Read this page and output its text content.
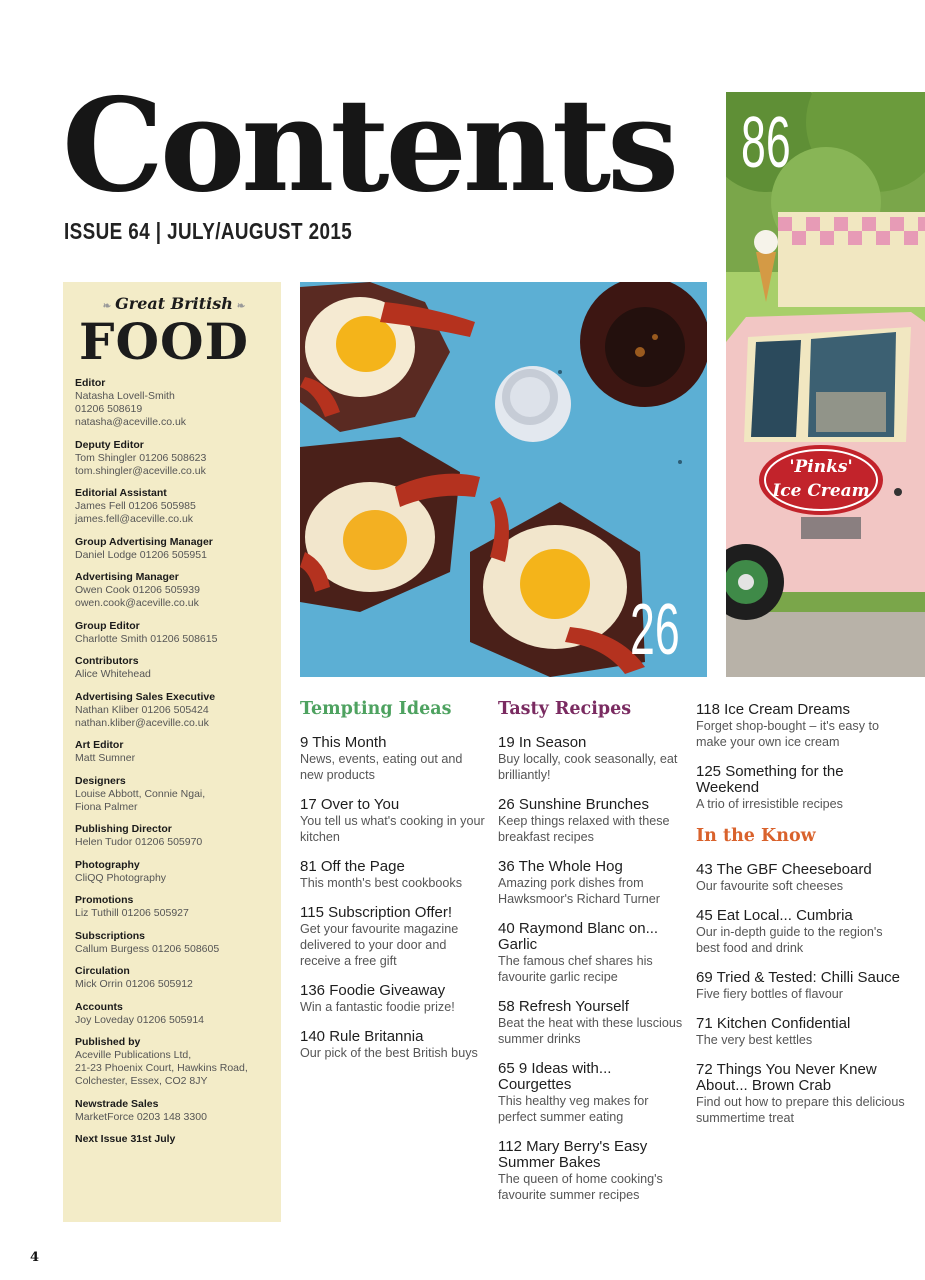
Contents
ISSUE 64 | JULY/AUGUST 2015
❧ Great British ❧
FOOD
Editor
Natasha Lovell-Smith
01206 508619
natasha@aceville.co.uk
Deputy Editor
Tom Shingler 01206 508623
tom.shingler@aceville.co.uk
Editorial Assistant
James Fell 01206 505985
james.fell@aceville.co.uk
Group Advertising Manager
Daniel Lodge 01206 505951
Advertising Manager
Owen Cook 01206 505939
owen.cook@aceville.co.uk
Group Editor
Charlotte Smith 01206 508615
Contributors
Alice Whitehead
Advertising Sales Executive
Nathan Kliber 01206 505424
nathan.kliber@aceville.co.uk
Art Editor
Matt Sumner
Designers
Louise Abbott, Connie Ngai,
Fiona Palmer
Publishing Director
Helen Tudor 01206 505970
Photography
CliQQ Photography
Promotions
Liz Tuthill 01206 505927
Subscriptions
Callum Burgess 01206 508605
Circulation
Mick Orrin 01206 505912
Accounts
Joy Loveday 01206 505914
Published by
Aceville Publications Ltd,
21-23 Phoenix Court, Hawkins Road,
Colchester, Essex, CO2 8JY
Newstrade Sales
MarketForce 0203 148 3300
Next Issue 31st July
26
'Pinks'
Ice Cream
86
Tempting Ideas
9 This Month
News, events, eating out and new products
17 Over to You
You tell us what's cooking in your kitchen
81 Off the Page
This month's best cookbooks
115 Subscription Offer!
Get your favourite magazine delivered to your door and receive a free gift
136 Foodie Giveaway
Win a fantastic foodie prize!
140 Rule Britannia
Our pick of the best British buys
Tasty Recipes
19 In Season
Buy locally, cook seasonally, eat brilliantly!
26 Sunshine Brunches
Keep things relaxed with these breakfast recipes
36 The Whole Hog
Amazing pork dishes from Hawksmoor's Richard Turner
40 Raymond Blanc on... Garlic
The famous chef shares his favourite garlic recipe
58 Refresh Yourself
Beat the heat with these luscious summer drinks
65 9 Ideas with... Courgettes
This healthy veg makes for perfect summer eating
112 Mary Berry's Easy Summer Bakes
The queen of home cooking's favourite summer recipes
118 Ice Cream Dreams
Forget shop-bought – it's easy to make your own ice cream
125 Something for the Weekend
A trio of irresistible recipes
In the Know
43 The GBF Cheeseboard
Our favourite soft cheeses
45 Eat Local... Cumbria
Our in-depth guide to the region's best food and drink
69 Tried & Tested: Chilli Sauce
Five fiery bottles of flavour
71 Kitchen Confidential
The very best kettles
72 Things You Never Knew About... Brown Crab
Find out how to prepare this delicious summertime treat
4
